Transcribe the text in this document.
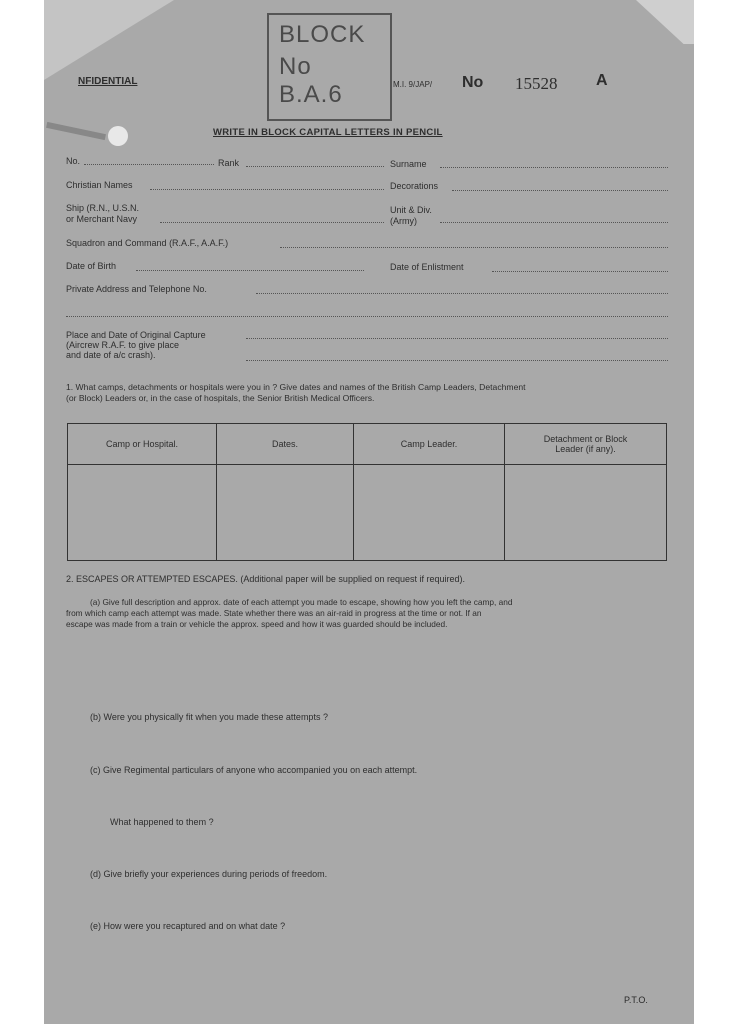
NFIDENTIAL
BLOCK
No
B.A.6	M.I. 9/JAP/ No 15528 A
WRITE IN BLOCK CAPITAL LETTERS IN PENCIL
No.	Rank	Surname
Christian Names	Decorations
Ship (R.N., U.S.N.
or Merchant Navy
Unit & Div.
(Army)
Squadron and Command (R.A.F., A.A.F.)
Date of Birth	Date of Enlistment
Private Address and Telephone No.
Place and Date of Original Capture
(Aircrew R.A.F. to give place
and date of a/c crash).
1. What camps, detachments or hospitals were you in ? Give dates and names of the British Camp Leaders, Detachment
(or Block) Leaders or, in the case of hospitals, the Senior British Medical Officers.
Camp or Hospital.	Dates.	Camp Leader.	Detachment or Block
Leader (if any).

2. ESCAPES OR ATTEMPTED ESCAPES. (Additional paper will be supplied on request if required).
(a) Give full description and approx. date of each attempt you made to escape, showing how you left the camp, and
from which camp each attempt was made. State whether there was an air-raid in progress at the time or not. If an
escape was made from a train or vehicle the approx. speed and how it was guarded should be included.
(b) Were you physically fit when you made these attempts ?
(c) Give Regimental particulars of anyone who accompanied you on each attempt.
What happened to them ?
(d) Give briefly your experiences during periods of freedom.
(e) How were you recaptured and on what date ?
P.T.O.
